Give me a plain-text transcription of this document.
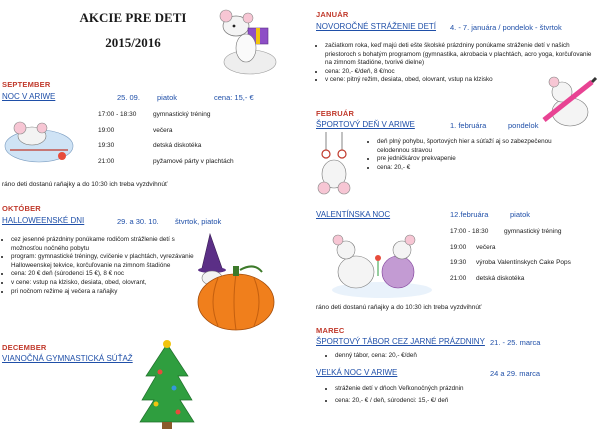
AKCIE PRE DETI
2015/2016
SEPTEMBER
NOC V ARIWE	25. 09. piatok	cena: 15,- €
17:00 - 18:30	gymnastický tréning
19:00	večera
19:30	detská diskotéka
21:00	pyžamové párty v plachtách
ráno deti dostanú raňajky a do 10:30 ich treba vyzdvihnúť
OKTÓBER
HALLOWEENSKÉ DNI	29. a 30. 10. štvrtok, piatok
• cez jesenné prázdniny ponúkame rodičom strážlenie detí s možnosťou nočného pobytu
• program: gymnastické tréningy, cvičenie v plachtách, vyrezávanie Halloweenskej tekvice, korčuľovanie na zimnom štadióne
• cena: 20 € deň (súrodenci 15 €), 8 € noc
• v cene: vstup na klzisko, desiata, obed, olovrant,
• pri nočnom režime aj večera a raňajky
DECEMBER
VIANOČNÁ GYMNASTICKÁ SÚŤAŽ
JANUÁR
NOVOROČNÉ STRÁŽENIE DETÍ 4. - 7. januára / pondelok - štvrtok
• začiatkom roka, keď majú deti ešte školské prázdniny ponúkame stráženie detí v našich priestoroch s bohatým programom (gymnastika, akrobacia v plachtách, acro yoga, korčuľovanie na zimnom štadióne, tvorivé dielne)
• cena: 20,- €/deň, 8 €/noc
• v cene: pitný režim, desiata, obed, olovrant, vstup na klzisko
FEBRUÁR
ŠPORTOVÝ DEŇ V ARIWE	1. februára	pondelok
• deň plný pohybu, športových hier a súťaží aj so zabezpečenou celodennou stravou
• pre jedničkárov prekvapenie
• cena: 20,- €
VALENTÍNSKA NOC	12.februára	piatok
17:00 - 18:30	gymnastický tréning
19:00	večera
19:30	výroba Valentínskych Cake Pops
21:00	detská diskotéka
ráno deti dostanú raňajky a do 10:30 ich treba vyzdvihnúť
MAREC
ŠPORTOVÝ TÁBOR CEZ JARNÉ PRÁZDNINY 21. - 25. marca
• denný tábor, cena: 20,- €/deň
VEĽKÁ NOC V ARIWE	24 a 29. marca
• stráženie detí v dňoch Veľkonočných prázdnin
• cena: 20,- € / deň, súrodenci: 15,- €/ deň
